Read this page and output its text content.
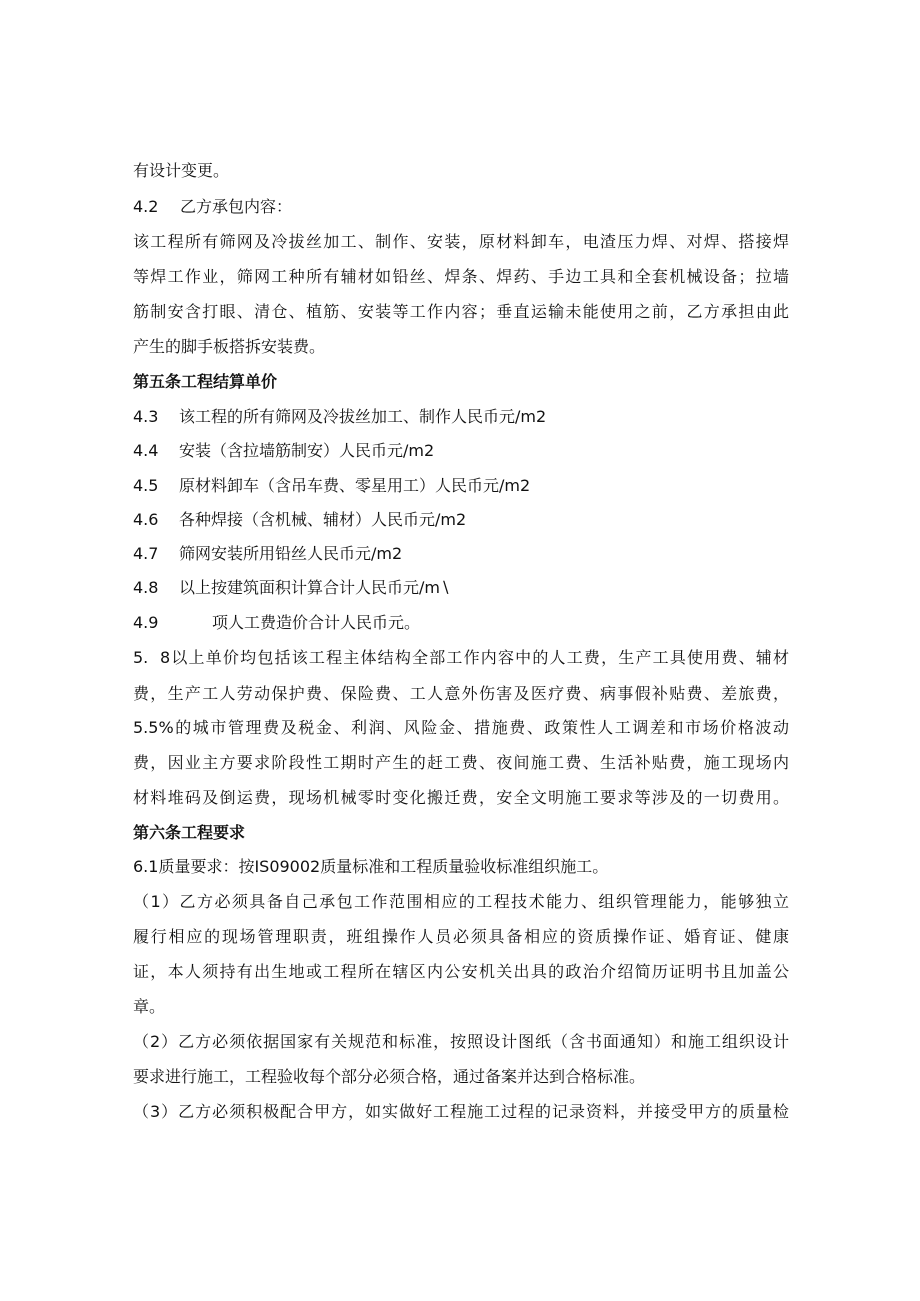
有设计变更。
4.2 乙方承包内容：
该工程所有筛网及冷拔丝加工、制作、安装，原材料卸车，电渣压力焊、对焊、搭接焊
等焊工作业，筛网工种所有辅材如铅丝、焊条、焊药、手边工具和全套机械设备；拉墙
筋制安含打眼、清仓、植筋、安装等工作内容；垂直运输未能使用之前，乙方承担由此
产生的脚手板搭拆安装费。
第五条工程结算单价
4.3 该工程的所有筛网及冷拔丝加工、制作人民币元/m2
4.4 安装（含拉墙筋制安）人民币元/m2
4.5 原材料卸车（含吊车费、零星用工）人民币元/m2
4.6 各种焊接（含机械、辅材）人民币元/m2
4.7 筛网安装所用铅丝人民币元/m2
4.8 以上按建筑面积计算合计人民币元∕m∖
4.9	项人工费造价合计人民币元。
5. 8以上单价均包括该工程主体结构全部工作内容中的人工费，生产工具使用费、辅材
费，生产工人劳动保护费、保险费、工人意外伤害及医疗费、病事假补贴费、差旅费，
5.5%的城市管理费及税金、利润、风险金、措施费、政策性人工调差和市场价格波动
费，因业主方要求阶段性工期时产生的赶工费、夜间施工费、生活补贴费，施工现场内
材料堆码及倒运费，现场机械零时变化搬迁费，安全文明施工要求等涉及的一切费用。
第六条工程要求
6.1质量要求：按IS09002质量标准和工程质量验收标准组织施工。
（1）乙方必须具备自己承包工作范围相应的工程技术能力、组织管理能力，能够独立
履行相应的现场管理职责，班组操作人员必须具备相应的资质操作证、婚育证、健康
证，本人须持有出生地或工程所在辖区内公安机关出具的政治介绍简历证明书且加盖公
章。
（2）乙方必须依据国家有关规范和标准，按照设计图纸（含书面通知）和施工组织设计
要求进行施工，工程验收每个部分必须合格，通过备案并达到合格标准。
（3）乙方必须积极配合甲方，如实做好工程施工过程的记录资料，并接受甲方的质量检
